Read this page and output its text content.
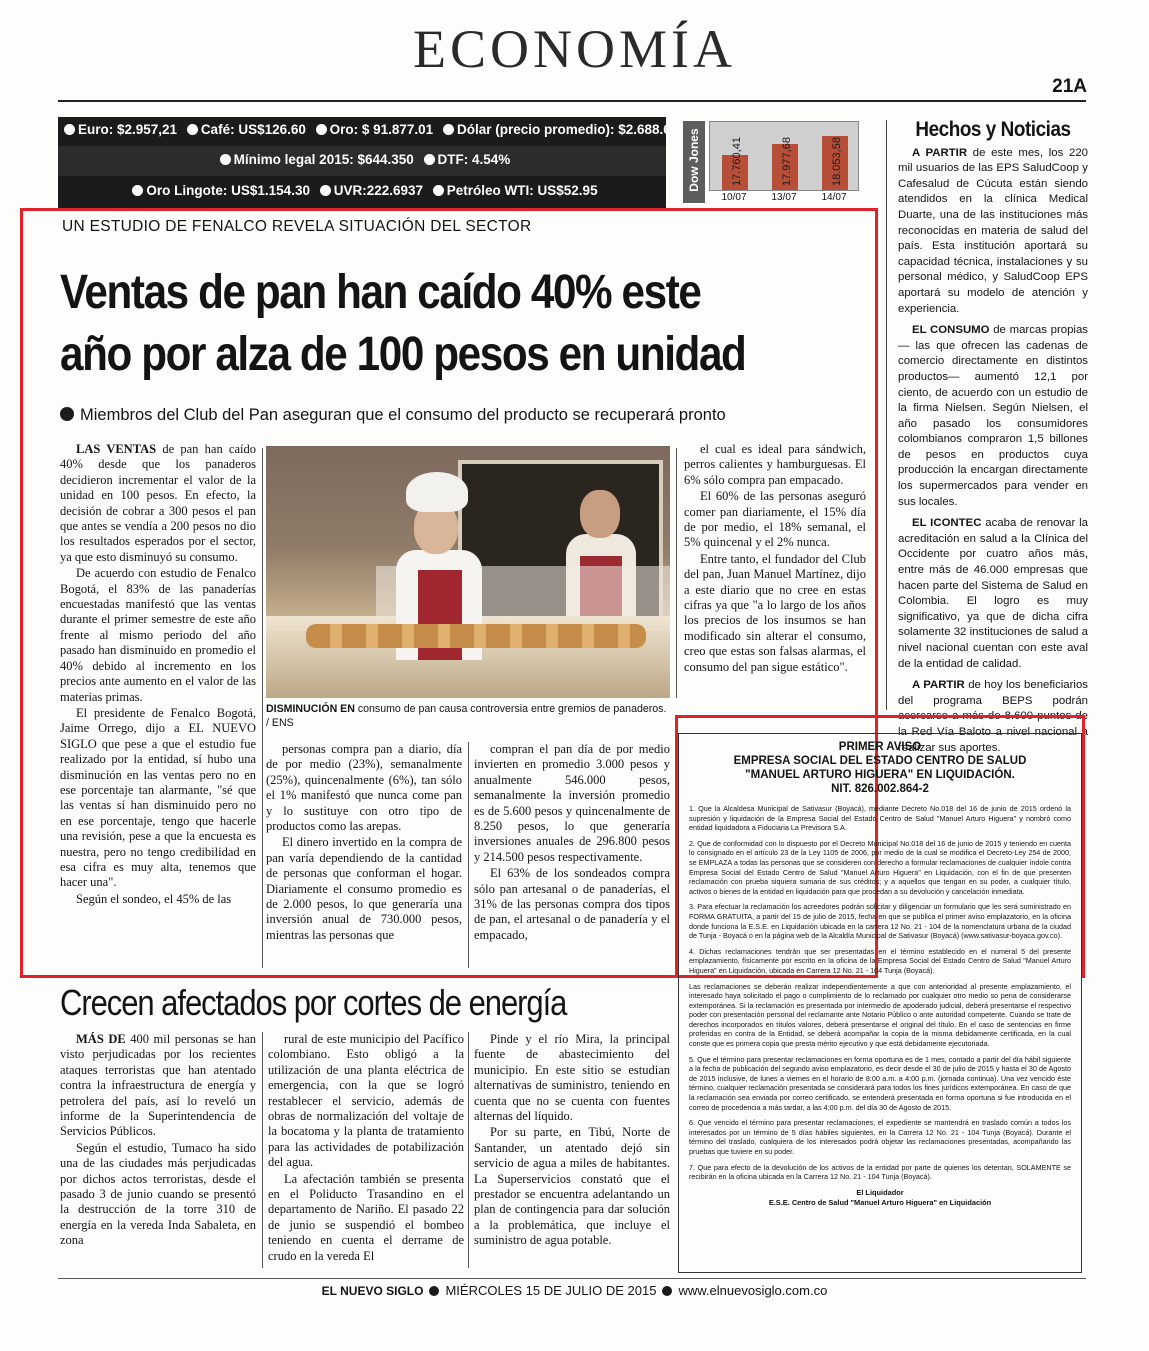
ECONOMÍA
21A
Euro: $2.957,21 Café: US$126.60 Oro: $ 91.877.01 Dólar (precio promedio): $2.688.62
Mínimo legal 2015: $644.350 DTF: 4.54%
Oro Lingote: US$1.154.30 UVR:222.6937 Petróleo WTI: US$52.95	Dow Jones	17.760,41	17.977,68	18.053,58
10/07 13/07 14/07
Hechos y Noticias

A PARTIR de este mes, los 220 mil usuarios de las EPS SaludCoop y Cafesalud de Cúcuta están siendo atendidos en la clínica Medical Duarte, una de las instituciones más reconocidas en materia de salud del país. Esta institución aportará su capacidad técnica, instalaciones y su personal médico, y SaludCoop EPS aportará su modelo de atención y experiencia.

EL CONSUMO de marcas propias — las que ofrecen las cadenas de comercio directamente en distintos productos— aumentó 12,1 por ciento, de acuerdo con un estudio de la firma Nielsen. Según Nielsen, el año pasado los consumidores colombianos compraron 1,5 billones de pesos en productos cuya producción la encargan directamente los supermercados para vender en sus locales.

EL ICONTEC acaba de renovar la acreditación en salud a la Clínica del Occidente por cuatro años más, entre más de 46.000 empresas que hacen parte del Sistema de Salud en Colombia. El logro es muy significativo, ya que de dicha cifra solamente 32 instituciones de salud a nivel nacional cuentan con este aval de la entidad de calidad.

A PARTIR de hoy los beneficiarios del programa BEPS podrán acercarse a más de 8.600 puntos de la Red Vía Baloto a nivel nacional a realizar sus aportes.

UN ESTUDIO DE FENALCO REVELA SITUACIÓN DEL SECTOR
Ventas de pan han caído 40% este
año por alza de 100 pesos en unidad
Miembros del Club del Pan aseguran que el consumo del producto se recuperará pronto

LAS VENTAS de pan han caído 40% desde que los panaderos decidieron incrementar el valor de la unidad en 100 pesos. En efecto, la decisión de cobrar a 300 pesos el pan que antes se vendía a 200 pesos no dio los resultados esperados por el sector, ya que esto disminuyó su consumo.

De acuerdo con estudio de Fenalco Bogotá, el 83% de las panaderías encuestadas manifestó que las ventas durante el primer semestre de este año frente al mismo periodo del año pasado han disminuido en promedio el 40% debido al incremento en los precios ante aumento en el valor de las materias primas.

El presidente de Fenalco Bogotá, Jaime Orrego, dijo a EL NUEVO SIGLO que pese a que el estudio fue realizado por la entidad, sí hubo una disminución en las ventas pero no en ese porcentaje tan alarmante, "sé que las ventas sí han disminuido pero no en ese porcentaje, tengo que hacerle una revisión, pese a que la encuesta es nuestra, pero no tengo credibilidad en esa cifra es muy alta, tenemos que hacer una".

Según el sondeo, el 45% de las

DISMINUCIÓN EN consumo de pan causa controversia entre gremios de panaderos. / ENS

el cual es ideal para sándwich, perros calientes y hamburguesas. El 6% sólo compra pan empacado.

El 60% de las personas aseguró comer pan diariamente, el 15% día de por medio, el 18% semanal, el 5% quincenal y el 2% nunca.

Entre tanto, el fundador del Club del pan, Juan Manuel Martínez, dijo a este diario que no cree en estas cifras ya que "a lo largo de los años los precios de los insumos se han modificado sin alterar el consumo, creo que estas son falsas alarmas, el consumo del pan sigue estático".

personas compra pan a diario, día de por medio (23%), semanalmente (25%), quincenalmente (6%), tan sólo el 1% manifestó que nunca come pan y lo sustituye con otro tipo de productos como las arepas.

El dinero invertido en la compra de pan varía dependiendo de la cantidad de personas que conforman el hogar. Diariamente el consumo promedio es de 2.000 pesos, lo que generaría una inversión anual de 730.000 pesos, mientras las personas que

compran el pan día de por medio invierten en promedio 3.000 pesos y anualmente 546.000 pesos, semanalmente la inversión promedio es de 5.600 pesos y quincenalmente de 8.250 pesos, lo que generaría inversiones anuales de 296.800 pesos y 214.500 pesos respectivamente.

El 63% de los sondeados compra sólo pan artesanal o de panaderías, el 31% de las personas compra dos tipos de pan, el artesanal o de panadería y el empacado,

Crecen afectados por cortes de energía

MÁS DE 400 mil personas se han visto perjudicadas por los recientes ataques terroristas que han atentado contra la infraestructura de energía y petrolera del país, así lo reveló un informe de la Superintendencia de Servicios Públicos.

Según el estudio, Tumaco ha sido una de las ciudades más perjudicadas por dichos actos terroristas, desde el pasado 3 de junio cuando se presentó la destrucción de la torre 310 de energía en la vereda Inda Sabaleta, en zona

rural de este municipio del Pacífico colombiano. Esto obligó a la utilización de una planta eléctrica de emergencia, con la que se logró restablecer el servicio, además de obras de normalización del voltaje de la bocatoma y la planta de tratamiento para las actividades de potabilización del agua.

La afectación también se presenta en el Poliducto Trasandino en el departamento de Nariño. El pasado 22 de junio se suspendió el bombeo teniendo en cuenta el derrame de crudo en la vereda El

Pinde y el río Mira, la principal fuente de abastecimiento del municipio. En este sitio se estudian alternativas de suministro, teniendo en cuenta que no se cuenta con fuentes alternas del líquido.

Por su parte, en Tibú, Norte de Santander, un atentado dejó sin servicio de agua a miles de habitantes. La Superservicios constató que el prestador se encuentra adelantando un plan de contingencia para dar solución a la problemática, que incluye el suministro de agua potable.

PRIMER AVISO
EMPRESA SOCIAL DEL ESTADO CENTRO DE SALUD
"MANUEL ARTURO HIGUERA" EN LIQUIDACIÓN.
NIT. 826.002.864-2

1. Que la Alcaldesa Municipal de Sativasur (Boyacá), mediante Decreto No.018 del 16 de junio de 2015 ordenó la supresión y liquidación de la Empresa Social del Estado Centro de Salud "Manuel Arturo Higuera" y nombró como entidad liquidadora a Fiduciaria La Previsora S.A.

2. Que de conformidad con lo dispuesto por el Decreto Municipal No.018 del 16 de junio de 2015 y teniendo en cuenta lo consignado en el artículo 23 de la Ley 1105 de 2006, por medio de la cual se modifica el Decreto-Ley 254 de 2000, se EMPLAZA a todas las personas que se consideren con derecho a formular reclamaciones de cualquier índole contra Empresa Social del Estado Centro de Salud "Manuel Arturo Higuera" en Liquidación, con el fin de que presenten reclamación con prueba siquiera sumaria de sus créditos; y a aquellos que tengan en su poder, a cualquier título, activos o bienes de la entidad en liquidación para que procedan a su devolución y cancelación inmediata.

3. Para efectuar la reclamación los acreedores podrán solicitar y diligenciar un formulario que les será suministrado en FORMA GRATUITA, a partir del 15 de julio de 2015, fecha en que se publica el primer aviso emplazatorio, en la oficina donde funciona la E.S.E. en Liquidación ubicada en la carrera 12 No. 21 - 104 de la nomenclatura urbana de la ciudad de Tunja - Boyacá o en la página web de la Alcaldía Municipal de Sativasur (Boyacá) (www.sativasur-boyaca.gov.co).

4. Dichas reclamaciones tendrán que ser presentadas en el término establecido en el numeral 5 del presente emplazamiento, físicamente por escrito en la oficina de la Empresa Social del Estado Centro de Salud "Manuel Arturo Higuera" en Liquidación, ubicada en Carrera 12 No. 21 - 104 Tunja (Boyacá).

Las reclamaciones se deberán realizar independientemente a que con anterioridad al presente emplazamiento, el interesado haya solicitado el pago o cumplimiento de lo reclamado por cualquier otro medio so pena de considerarse extemporánea. Si la reclamación es presentada por intermedio de apoderado judicial, deberá presentarse el respectivo poder con presentación personal del reclamante ante Notario Público o ante autoridad competente. Cuando se trate de derechos incorporados en títulos valores, deberá presentarse el original del título. En el caso de sentencias en firme proferidas en contra de la Entidad, se deberá acompañar la copia de la misma debidamente certificada, en la cual conste que es primera copia que presta mérito ejecutivo y que está debidamente ejecutoriada.

5. Que el término para presentar reclamaciones en forma oportuna es de 1 mes, contado a partir del día hábil siguiente a la fecha de publicación del segundo aviso emplazatorio, es decir desde el 30 de julio de 2015 y hasta el 30 de Agosto de 2015 inclusive, de lunes a viernes en el horario de 8:00 a.m. a 4:00 p.m. (jornada continua). Una vez vencido éste término, cualquier reclamación presentada se considerará para todos los fines jurídicos extemporánea. En caso de que la reclamación sea enviada por correo certificado, se entenderá presentada en forma oportuna si fue introducida en el correo de procedencia a más tardar, a las 4:00 p.m. del día 30 de Agosto de 2015.

6. Que vencido el término para presentar reclamaciones, el expediente se mantendrá en traslado común a todos los interesados por un término de 5 días hábiles siguientes, en la Carrera 12 No. 21 - 104 Tunja (Boyacá). Durante el término del traslado, cualquiera de los interesados podrá objetar las reclamaciones presentadas, acompañando las pruebas que tuviere en su poder.

7. Que para efecto de la devolución de los activos de la entidad por parte de quienes los detentan, SOLAMENTE se recibirán en la oficina ubicada en la Carrera 12 No. 21 - 104 Tunja (Boyacá).

El Liquidador
E.S.E. Centro de Salud "Manuel Arturo Higuera" en Liquidación
EL NUEVO SIGLO MIÉRCOLES 15 DE JULIO DE 2015 www.elnuevosiglo.com.co
